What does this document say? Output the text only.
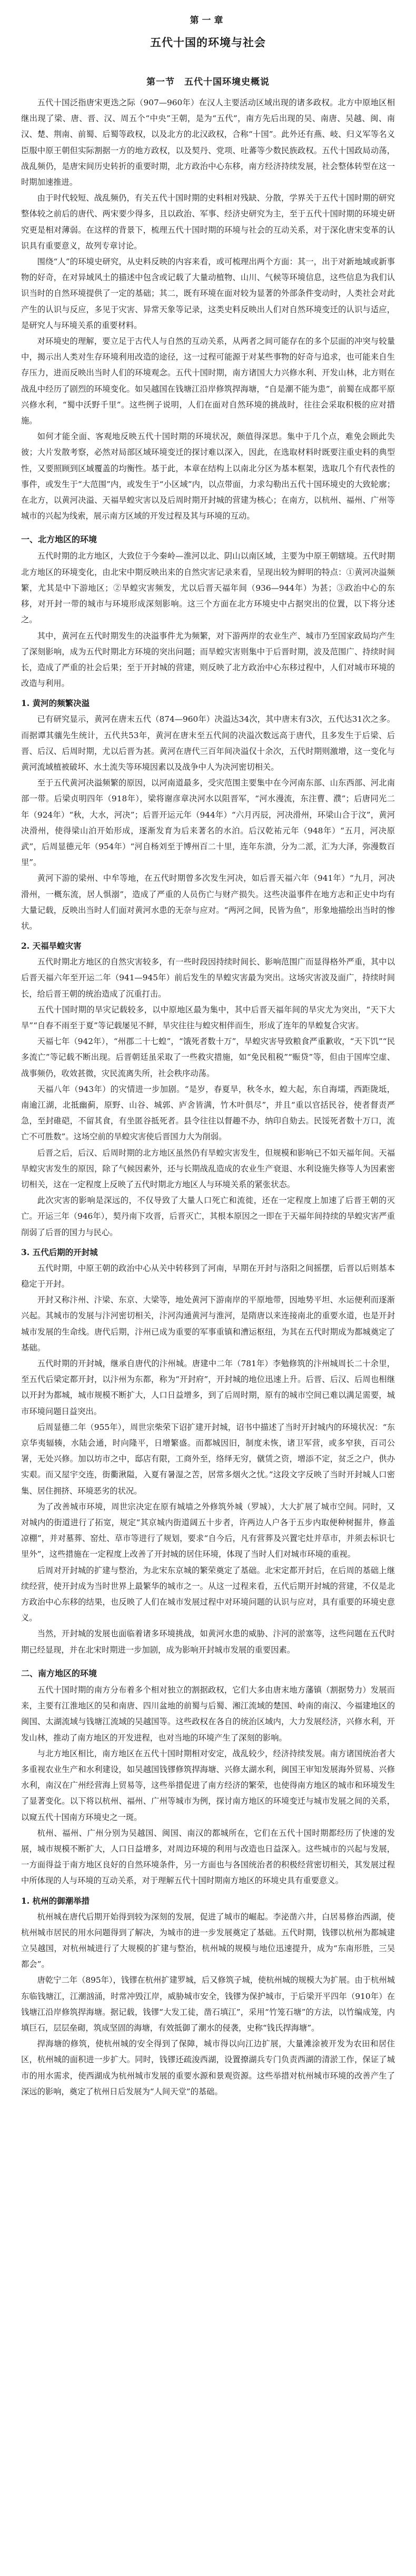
第一章
五代十国的环境与社会
第一节　五代十国环境史概说

五代十国泛指唐宋更迭之际（907—960年）在汉人主要活动区域出现的诸多政权。北方中原地区相继出现了梁、唐、晋、汉、周五个“中央”王朝，是为“五代”，南方先后出现的吴、南唐、吴越、闽、南汉、楚、荆南、前蜀、后蜀等政权，以及北方的北汉政权，合称“十国”。此外还有燕、岐、归义军等名义臣服中原王朝但实际割据一方的地方政权，以及契丹、党项、吐蕃等少数民族政权。五代十国政局动荡，战乱频仍，是唐宋间历史转折的重要时期，北方政治中心东移，南方经济持续发展，社会整体转型在这一时期加速推进。

由于时代较短、战乱频仍，有关五代十国时期的史料相对残缺、分散，学界关于五代十国时期的研究整体较之前后的唐代、两宋要少得多，且以政治、军事、经济史研究为主，至于五代十国时期的环境史研究更是相对薄弱。在这样的背景下，梳理五代十国时期的环境与社会的互动关系，对于深化唐宋变革的认识具有重要意义，故列专章讨论。

围绕“人”的环境史研究，从史料反映的内容来看，或可梳理出两个方面：其一，出于对新地域或新事物的好奇，在对异域风土的描述中包含或记载了大量动植物、山川、气候等环境信息，这些信息为我们认识当时的自然环境提供了一定的基础；其二，既有环境在面对较为显著的外部条件变动时，人类社会对此产生的认识与反应，多见于灾害、异常天象等记录，这类史料反映出人们对自然环境变迁的认识与适应，是研究人与环境关系的重要材料。

对环境史的理解，要立足于古代人与自然的互动关系，从两者之间可能存在的多个层面的冲突与较量中，揭示出人类对生存环境利用改造的途径，这一过程可能源于对某些事物的好奇与追求，也可能来自生存压力，进而反映出当时人们的环境观念。五代十国时期，南方诸国大力兴修水利、开发山林，北方则在战乱中经历了剧烈的环境变化。如吴越国在钱塘江沿岸修筑捍海塘，“自是潮不能为患”，前蜀在成都平原兴修水利，“蜀中沃野千里”。这些例子说明，人们在面对自然环境的挑战时，往往会采取积极的应对措施。

如何才能全面、客观地反映五代十国时期的环境状况，颇值得深思。集中于几个点，难免会顾此失彼；大片发散考察，必然对局部区域环境变迁的探讨难以深入，因此，在选取材料时既要注重史料的典型性，又要照顾到区域覆盖的均衡性。基于此，本章在结构上以南北分区为基本框架，选取几个有代表性的事件，或发生于“大范围”内，或发生于“小区域”内，以点带面，力求勾勒出五代十国环境史的大致轮廓；在北方，以黄河决溢、天福旱蝗灾害以及后周时期开封城的营建为核心；在南方，以杭州、福州、广州等城市的兴起为线索，展示南方区域的开发过程及其与环境的互动。

一、北方地区的环境

五代时期的北方地区，大致位于今秦岭—淮河以北、阴山以南区域，主要为中原王朝辖境。五代时期北方地区的环境变化，由北宋中期反映出来的自然灾害记录来看，呈现出较为鲜明的特点：①黄河决溢频繁，尤其是中下游地区；②旱蝗灾害频发，尤以后晋天福年间（936—944年）为甚；③政治中心的东移，对开封一带的城市与环境形成深刻影响。这三个方面在北方环境史中占据突出的位置，以下将分述之。

其中，黄河在五代时期发生的决溢事件尤为频繁，对下游两岸的农业生产、城市乃至国家政局均产生了深刻影响，成为五代时期北方环境的突出问题；而旱蝗灾害则集中于后晋时期，波及范围广、持续时间长，造成了严重的社会后果；至于开封城的营建，则反映了北方政治中心东移过程中，人们对城市环境的改造与利用。

1. 黄河的频繁决溢

已有研究显示，黄河在唐末五代（874—960年）决溢达34次，其中唐末有3次，五代达31次之多。而据谭其骧先生统计，五代共53年，黄河在唐末至五代间的决溢次数远高于唐代，且多发生于后梁、后晋、后汉、后周时期，尤以后晋为甚。黄河在唐代三百年间决溢仅十余次，五代时期则激增，这一变化与黄河流域植被破坏、水土流失等环境因素以及战争中人为决河密切相关。

至于五代黄河决溢频繁的原因，以河南道最多，受灾范围主要集中在今河南东部、山东西部、河北南部一带。后梁贞明四年（918年），梁将谢彦章决河水以阻晋军，“河水漫流，东注曹、濮”；后唐同光二年（924年）“秋，大水，河决”；后晋开运元年（944年）“六月丙辰，河决滑州，环梁山合于汶”，黄河决滑州，使得梁山泊开始形成，逐渐发育为后来著名的水泊。后汉乾祐元年（948年）“五月，河决原武”，后周显德元年（954年）“河自杨刘至于博州百二十里，连年东溃，分为二派，汇为大泽，弥漫数百里”。

黄河下游的梁州、中牟等地，在五代时期曾多次发生河决，如后晋天福六年（941年）“九月，河决滑州，一概东流，居人惧溺”，造成了严重的人员伤亡与财产损失。这些决溢事件在地方志和正史中均有大量记载，反映出当时人们面对黄河水患的无奈与应对。“两河之间，民皆为鱼”，形象地描绘出当时的惨状。

2. 天福旱蝗灾害

五代时期北方地区的自然灾害较多，有一些时段因持续时间长、影响范围广而显得格外严重，其中以后晋天福六年至开运二年（941—945年）前后发生的旱蝗灾害最为突出。这场灾害波及面广，持续时间长，给后晋王朝的统治造成了沉重打击。

五代十国时期的旱灾记载较多，以中原地区最为集中，其中后晋天福年间的旱灾尤为突出，“天下大旱”“自春不雨至于夏”等记载屡见不鲜，旱灾往往与蝗灾相伴而生，形成了连年的旱蝗复合灾害。

天福七年（942年），“州郡二十七蝗”，“饿死者数十万”，旱蝗灾害导致粮食严重歉收，“天下饥”“民多流亡”等记载不断出现。后晋朝廷虽采取了一些救灾措施，如“免民租税”“赈贷”等，但由于国库空虚、战事频仍，收效甚微，灾民流离失所，社会秩序动荡。

天福八年（943年）的灾情进一步加剧。“是岁，春夏旱，秋冬水，蝗大起，东自海壖，西距陇坻，南逾江湖，北抵幽蓟，原野、山谷、城郭、庐舍皆满，竹木叶俱尽”，并且“重以官括民谷，使者督责严急，至封碓硙，不留其食，有坐匿谷抵死者。县令往往以督趣不办，纳印自劾去。民馁死者数十万口，流亡不可胜数”。这场空前的旱蝗灾害使后晋国力大为削弱。

后晋之后，后汉、后周时期的北方地区虽然仍有旱蝗灾害发生，但规模和影响已不如天福年间。天福旱蝗灾害发生的原因，除了气候因素外，还与长期战乱造成的农业生产衰退、水利设施失修等人为因素密切相关，这在一定程度上反映了五代时期北方地区人与环境关系的紧张状态。

此次灾害的影响是深远的，不仅导致了大量人口死亡和流徙，还在一定程度上加速了后晋王朝的灭亡。开运三年（946年），契丹南下攻晋，后晋灭亡，其根本原因之一即在于天福年间持续的旱蝗灾害严重削弱了后晋的国力与民心。

3. 五代后期的开封城

五代时期，中原王朝的政治中心从关中转移到了河南，早期在开封与洛阳之间摇摆，后晋以后则基本稳定于开封。

开封又称汴州、汴梁、东京、大梁等，地处黄河下游南岸的平原地带，因地势平坦、水运便利而逐渐兴起。其城市的发展与汴河密切相关，汴河沟通黄河与淮河，是隋唐以来连接南北的重要水道，也是开封城市发展的生命线。唐代后期，汴州已成为重要的军事重镇和漕运枢纽，为其在五代时期成为都城奠定了基础。

五代时期的开封城，继承自唐代的汴州城。唐建中二年（781年）李勉修筑的汴州城周长二十余里，至五代后梁定都开封，以汴州为东都，称为“开封府”，开封城的地位迅速上升。后晋、后汉、后周也相继以开封为都城，城市规模不断扩大，人口日益增多，到了后周时期，原有的城市空间已难以满足需要，城市环境问题日益突出。

后周显德二年（955年），周世宗柴荣下诏扩建开封城，诏书中描述了当时开封城内的环境状况：“东京华夷辐辏，水陆会通，时向隆平，日增繁盛。而都城因旧，制度未恢，诸卫军营，或多窄狭，百司公署，无处兴修。加以坊市之中，邸店有限，工商外至，络绎无穷，僦赁之资，增添不定，贫乏之户，供办实艰。而又屋宇交连，街衢湫隘，入夏有暑湿之苦，居常多烟火之忧。”这段文字反映了当时开封城人口密集、居住拥挤、环境恶劣的状况。

为了改善城市环境，周世宗决定在原有城墙之外修筑外城（罗城），大大扩展了城市空间。同时，又对城内的街道进行了拓宽，规定“其京城内街道阔五十步者，许两边人户各于五步内取便种树掘井，修盖凉棚”，并对墓葬、窑灶、草市等进行了规划，要求“自今后，凡有营葬及兴置宅灶并草市，并须去标识七里外”，这些措施在一定程度上改善了开封城的居住环境，体现了当时人们对城市环境的重视。

后周对开封城的扩建与整治，为北宋东京城的繁荣奠定了基础。北宋定都开封后，在后周的基础上继续经营，使开封成为当时世界上最繁华的城市之一。从这一过程来看，五代后期开封城的营建，不仅是北方政治中心东移的结果，也反映了人们在城市发展过程中对环境问题的认识与应对，具有重要的环境史意义。

当然，开封城的发展也面临着诸多环境挑战，如黄河水患的威胁、汴河的淤塞等，这些问题在五代时期已经显现，并在北宋时期进一步加剧，成为影响开封城市发展的重要因素。

二、南方地区的环境

五代十国时期的南方分布着多个相对独立的割据政权，它们大多由唐末地方藩镇（割据势力）发展而来，主要有江淮地区的吴和南唐、四川盆地的前蜀与后蜀、湘江流域的楚国、岭南的南汉、今福建地区的闽国、太湖流域与钱塘江流域的吴越国等。这些政权在各自的统治区域内，大力发展经济，兴修水利，开发山林，推动了南方地区的开发进程，也对当地的环境产生了深刻的影响。

与北方地区相比，南方地区在五代十国时期相对安定，战乱较少，经济持续发展。南方诸国统治者大多重视农业生产和水利建设，如吴越国钱镠修筑捍海塘、兴修太湖水利，闽国王审知发展海外贸易、兴修水利，南汉在广州经营海上贸易等，这些举措促进了南方经济的繁荣，也使得南方地区的城市和环境发生了显著变化。以下将以杭州、福州、广州等城市为例，探讨南方地区的环境变迁与城市发展之间的关系，以窥五代十国南方环境史之一斑。

杭州、福州、广州分别为吴越国、闽国、南汉的都城所在，它们在五代十国时期都经历了快速的发展，城市规模不断扩大，人口日益增多，对周边环境的利用与改造也日益深入。这些城市的兴起与发展，一方面得益于南方地区良好的自然环境条件，另一方面也与各国统治者的积极经营密切相关，其发展过程中所体现的人与环境的互动关系，对于理解五代十国时期南方地区的环境史具有重要意义。

1. 杭州的御潮举措

杭州城在唐代后期开始得到较为深刻的发展，促进了城市的崛起。李泌凿六井，白居易修治西湖，使杭州城市居民的用水问题得到了解决，为城市的进一步发展奠定了基础。五代时期，钱镠以杭州为都城建立吴越国，对杭州城进行了大规模的扩建与整治，杭州城的规模与地位迅速提升，成为“东南形胜，三吴都会”。

唐乾宁二年（895年），钱镠在杭州扩建罗城，后又修筑子城，使杭州城的规模大为扩展。由于杭州城东临钱塘江，江潮汹涌，时常冲毁江岸，威胁城市安全，钱镠为保护城市，于后梁开平四年（910年）在钱塘江沿岸修筑捍海塘。据记载，钱镠“大发工徒，凿石填江”，采用“竹笼石塘”的方法，以竹编成笼，内填巨石，层层垒砌，筑成坚固的海塘，有效抵御了潮水的侵袭，史称“钱氏捍海塘”。

捍海塘的修筑，使杭州城的安全得到了保障，城市得以向江边扩展，大量滩涂被开发为农田和居住区，杭州城的面积进一步扩大。同时，钱镠还疏浚西湖，设置撩湖兵专门负责西湖的清淤工作，保证了城市的用水需求，使西湖成为杭州城市发展的重要水源和景观资源。这些举措对杭州城市环境的改善产生了深远的影响，奠定了杭州日后发展为“人间天堂”的基础。
